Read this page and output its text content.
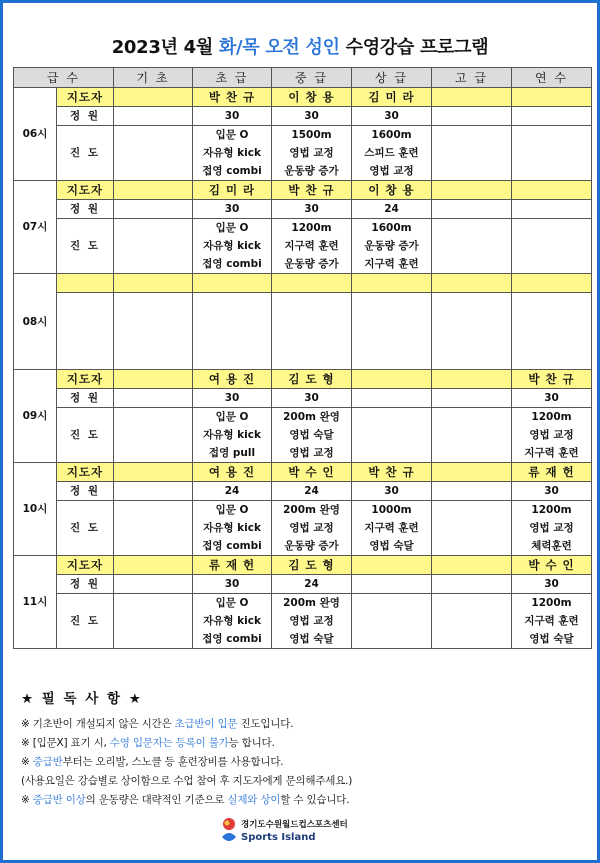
2023년 4월 화/목 오전 성인 수영강습 프로그램
급 수		기 초	초 급	중 급	상 급	고 급	연 수
06시	지도자		박 찬 규	이 창 용	김 미 라		
	정 원		30	30	30		
	진 도		입문 O	1500m	1600m		
			자유형 kick	영법 교정	스피드 훈련		
			접영 combi	운동량 증가	영법 교정		
07시	지도자		김 미 라	박 찬 규	이 창 용		
	정 원		30	30	24		
	진 도		입문 O	1200m	1600m		
			자유형 kick	지구력 훈련	운동량 증가		
			접영 combi	운동량 증가	지구력 훈련		
08시							

09시	지도자		여 용 진	김 도 형			박 찬 규
	정 원		30	30			30
	진 도		입문 O	200m 완영			1200m
			자유형 kick	영법 숙달			영법 교정
			접영 pull	영법 교정			지구력 훈련
10시	지도자		여 용 진	박 수 인	박 찬 규		류 재 헌
	정 원		24	24	30		30
	진 도		입문 O	200m 완영	1000m		1200m
			자유형 kick	영법 교정	지구력 훈련		영법 교정
			접영 combi	운동량 증가	영법 숙달		체력훈련
11시	지도자		류 재 헌	김 도 형			박 수 인
	정 원		30	24			30
	진 도		입문 O	200m 완영			1200m
			자유형 kick	영법 교정			지구력 훈련
			접영 combi	영법 숙달			영법 숙달
★ 필 독 사 항 ★
※ 기초반이 개설되지 않은 시간은 초급반이 입문 진도입니다.
※ [입문X] 표기 시, 수영 입문자는 등록이 불가능 합니다.
※ 중급반부터는 오리발, 스노클 등 훈련장비를 사용합니다.
(사용요일은 강습별로 상이함으로 수업 참여 후 지도자에게 문의해주세요.)
※ 중급반 이상의 운동량은 대략적인 기준으로 실제와 상이할 수 있습니다.
경기도수원월드컵스포츠센터
Sports Island
